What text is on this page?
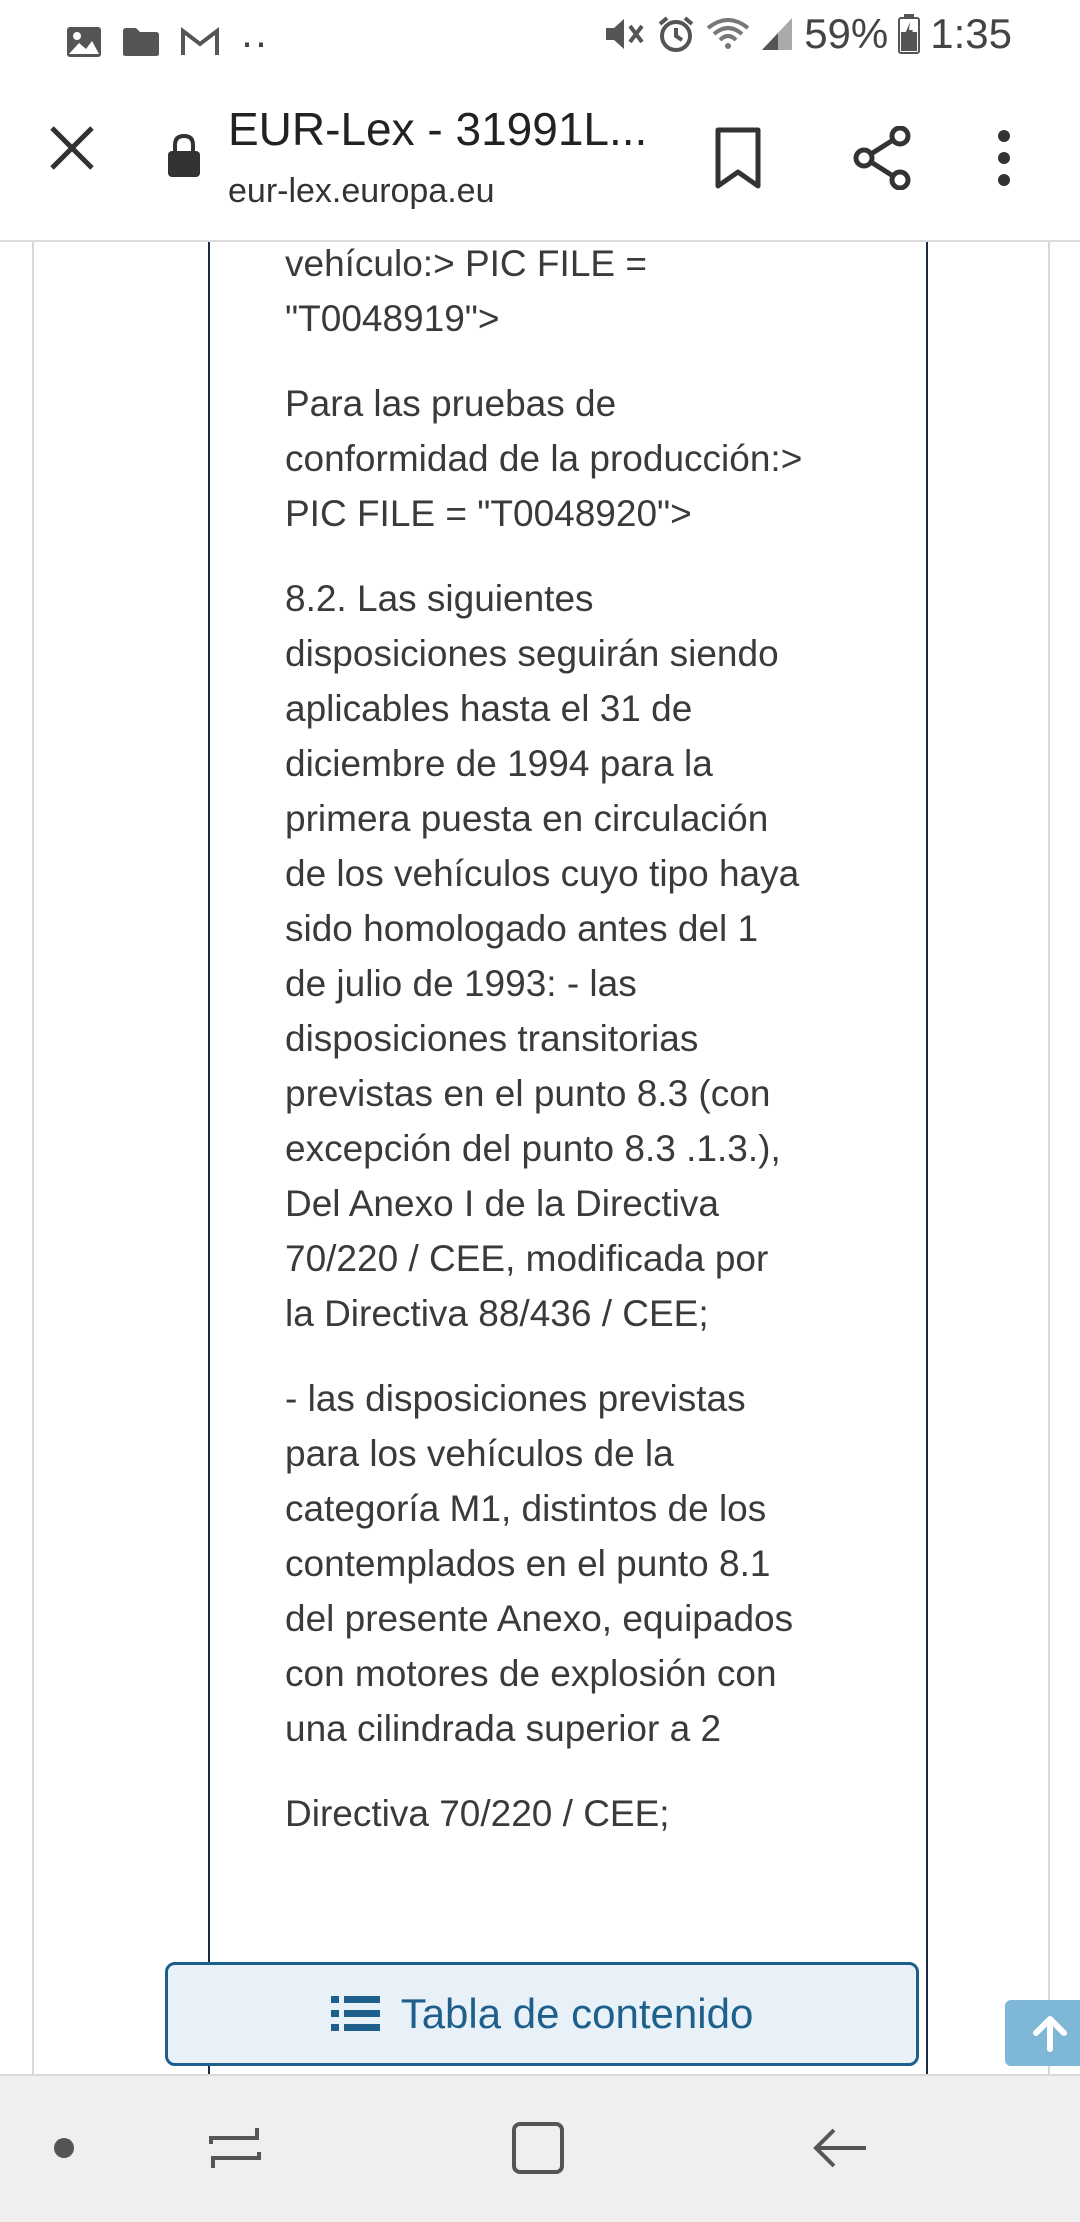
··	59% 1:35
EUR-Lex - 31991L...
eur-lex.europa.eu

vehículo:> PIC FILE = "T0048919">

Para las pruebas de conformidad de la producción:> PIC FILE = "T0048920">

8.2. Las siguientes disposiciones seguirán siendo aplicables hasta el 31 de diciembre de 1994 para la primera puesta en circulación de los vehículos cuyo tipo haya sido homologado antes del 1 de julio de 1993: - las disposiciones transitorias previstas en el punto 8.3 (con excepción del punto 8.3 .1.3.), Del Anexo I de la Directiva 70/220 / CEE, modificada por la Directiva 88/436 / CEE;

- las disposiciones previstas para los vehículos de la categoría M1, distintos de los contemplados en el punto 8.1 del presente Anexo, equipados con motores de explosión con una cilindrada superior a 2

Directiva 70/220 / CEE;

Tabla de contenido
